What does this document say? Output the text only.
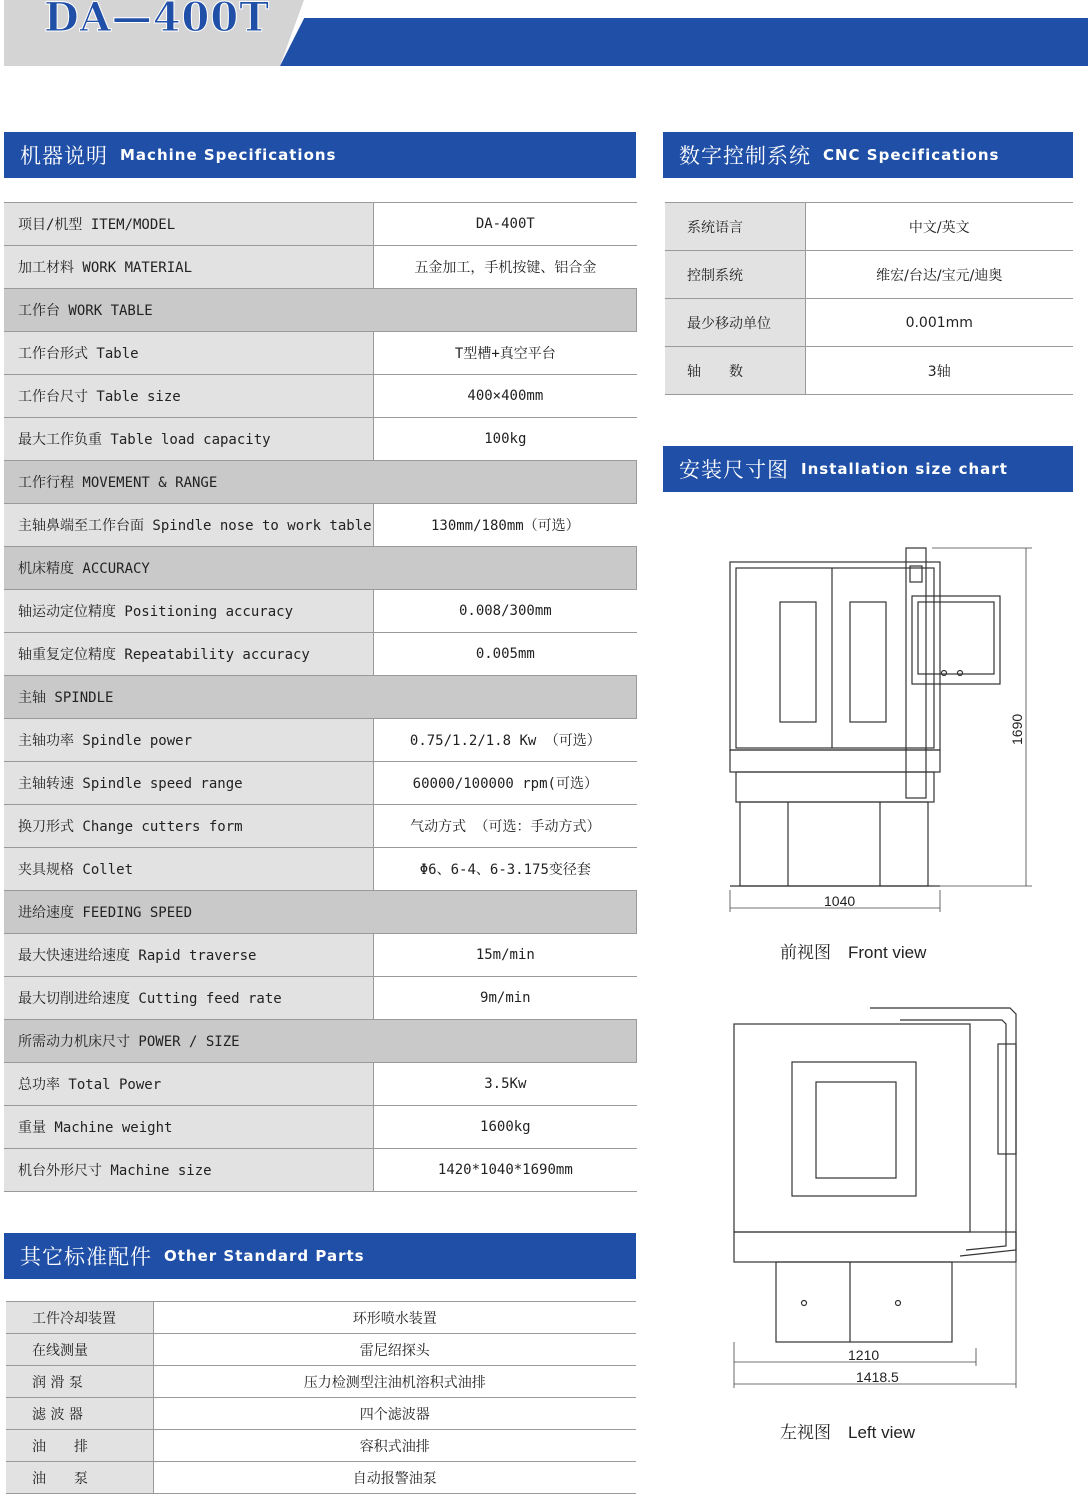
DA—400T
机器说明 Machine Specifications
项目/机型 ITEM/MODEL	DA-400T
加工材料 WORK MATERIAL	五金加工，手机按键、铝合金
工作台 WORK TABLE	
工作台形式 Table	T型槽+真空平台
工作台尺寸 Table size	400×400mm
最大工作负重 Table load capacity	100kg
工作行程 MOVEMENT & RANGE	
主轴鼻端至工作台面 Spindle nose to work table	130mm/180mm（可选）
机床精度 ACCURACY	
轴运动定位精度 Positioning accuracy	0.008/300mm
轴重复定位精度 Repeatability accuracy	0.005mm
主轴 SPINDLE	
主轴功率 Spindle power	0.75/1.2/1.8 Kw （可选）
主轴转速 Spindle speed range	60000/100000 rpm(可选）
换刀形式 Change cutters form	气动方式 （可选：手动方式）
夹具规格 Collet	Φ6、6-4、6-3.175变径套
进给速度 FEEDING SPEED	
最大快速进给速度 Rapid traverse	15m/min
最大切削进给速度 Cutting feed rate	9m/min
所需动力机床尺寸 POWER / SIZE	
总功率 Total Power	3.5Kw
重量 Machine weight	1600kg
机台外形尺寸 Machine size	1420*1040*1690mm
数字控制系统 CNC Specifications
系统语言	中文/英文
控制系统	维宏/台达/宝元/迪奥
最少移动单位	0.001mm
轴　　数	3轴
安装尺寸图 Installation size chart
1040
1690
前视图　Front view
1210
1418.5
左视图　Left view
其它标准配件 Other Standard Parts
工件冷却装置	环形喷水装置
在线测量	雷尼绍探头
润 滑 泵	压力检测型注油机溶积式油排
滤 波 器	四个滤波器
油　　排	容积式油排
油　　泵	自动报警油泵
